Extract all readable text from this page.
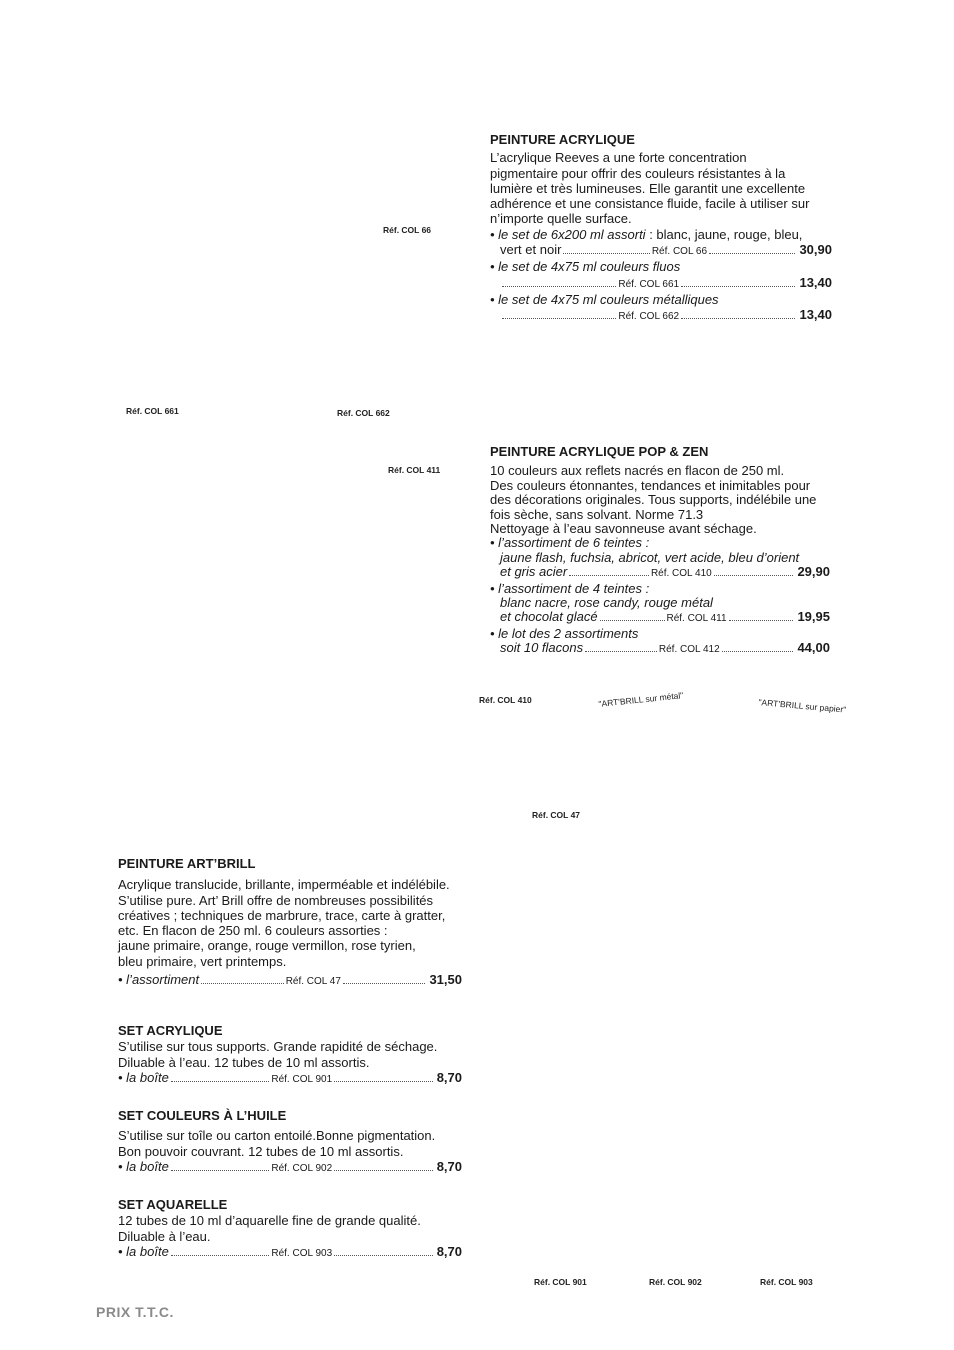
Réf. COL 66
Réf. COL 661	Réf. COL 662
Réf. COL 411
Réf. COL 410	"ART'BRILL sur métal"	"ART'BRILL sur papier"
Réf. COL 47
Réf. COL 901	Réf. COL 902	Réf. COL 903
PEINTURE ACRYLIQUE
L’acrylique Reeves a une forte concentration
pigmentaire pour offrir des couleurs résistantes à la
lumière et très lumineuses. Elle garantit une excellente
adhérence et une consistance fluide, facile à utiliser sur
n’importe quelle surface.
• le set de 6x200 ml assorti : blanc, jaune, rouge, bleu,
vert et noir	Réf. COL 66	30,90
• le set de 4x75 ml couleurs fluos
Réf. COL 661	13,40
• le set de 4x75 ml couleurs métalliques
Réf. COL 662	13,40
PEINTURE ACRYLIQUE POP & ZEN
10 couleurs aux reflets nacrés en flacon de 250 ml.
Des couleurs étonnantes, tendances et inimitables pour
des décorations originales. Tous supports, indélébile une
fois sèche, sans solvant. Norme 71.3
Nettoyage à l’eau savonneuse avant séchage.
• l’assortiment de 6 teintes :
jaune flash, fuchsia, abricot, vert acide, bleu d’orient
et gris acier	Réf. COL 410	29,90
• l’assortiment de 4 teintes :
blanc nacre, rose candy, rouge métal
et chocolat glacé	Réf. COL 411	19,95
• le lot des 2 assortiments
soit 10 flacons	Réf. COL 412	44,00
PEINTURE ART’BRILL
Acrylique translucide, brillante, imperméable et indélébile.
S’utilise pure. Art’ Brill offre de nombreuses possibilités
créatives ; techniques de marbrure, trace, carte à gratter,
etc. En flacon de 250 ml. 6 couleurs assorties :
jaune primaire, orange, rouge vermillon, rose tyrien,
bleu primaire, vert printemps.
• l’assortiment	Réf. COL 47	31,50
SET ACRYLIQUE
S’utilise sur tous supports. Grande rapidité de séchage.
Diluable à l’eau. 12 tubes de 10 ml assortis.
• la boîte	Réf. COL 901	8,70
SET COULEURS À L’HUILE
S’utilise sur toîle ou carton entoilé.Bonne pigmentation.
Bon pouvoir couvrant. 12 tubes de 10 ml assortis.
• la boîte	Réf. COL 902	8,70
SET AQUARELLE
12 tubes de 10 ml d’aquarelle fine de grande qualité.
Diluable à l’eau.
• la boîte	Réf. COL 903	8,70
PRIX T.T.C.
